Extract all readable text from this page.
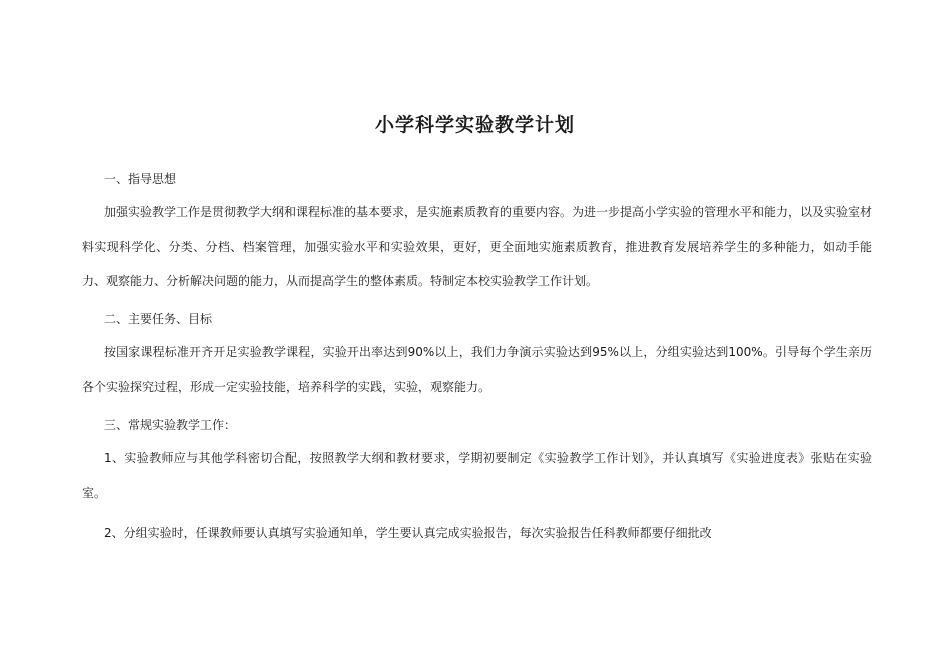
小学科学实验教学计划

一、指导思想

加强实验教学工作是贯彻教学大纲和课程标准的基本要求，是实施素质教育的重要内容。为进一步提高小学实验的管理水平和能力，以及实验室材料实现科学化、分类、分档、档案管理，加强实验水平和实验效果，更好，更全面地实施素质教育，推进教育发展培养学生的多种能力，如动手能力、观察能力、分析解决问题的能力，从而提高学生的整体素质。特制定本校实验教学工作计划。

二、主要任务、目标

按国家课程标准开齐开足实验教学课程，实验开出率达到90%以上，我们力争演示实验达到95%以上，分组实验达到100%。引导每个学生亲历各个实验探究过程，形成一定实验技能，培养科学的实践，实验，观察能力。

三、常规实验教学工作：

1、实验教师应与其他学科密切合配，按照教学大纲和教材要求，学期初要制定《实验教学工作计划》，并认真填写《实验进度表》张贴在实验室。

2、分组实验时，任课教师要认真填写实验通知单，学生要认真完成实验报告，每次实验报告任科教师都要仔细批改
